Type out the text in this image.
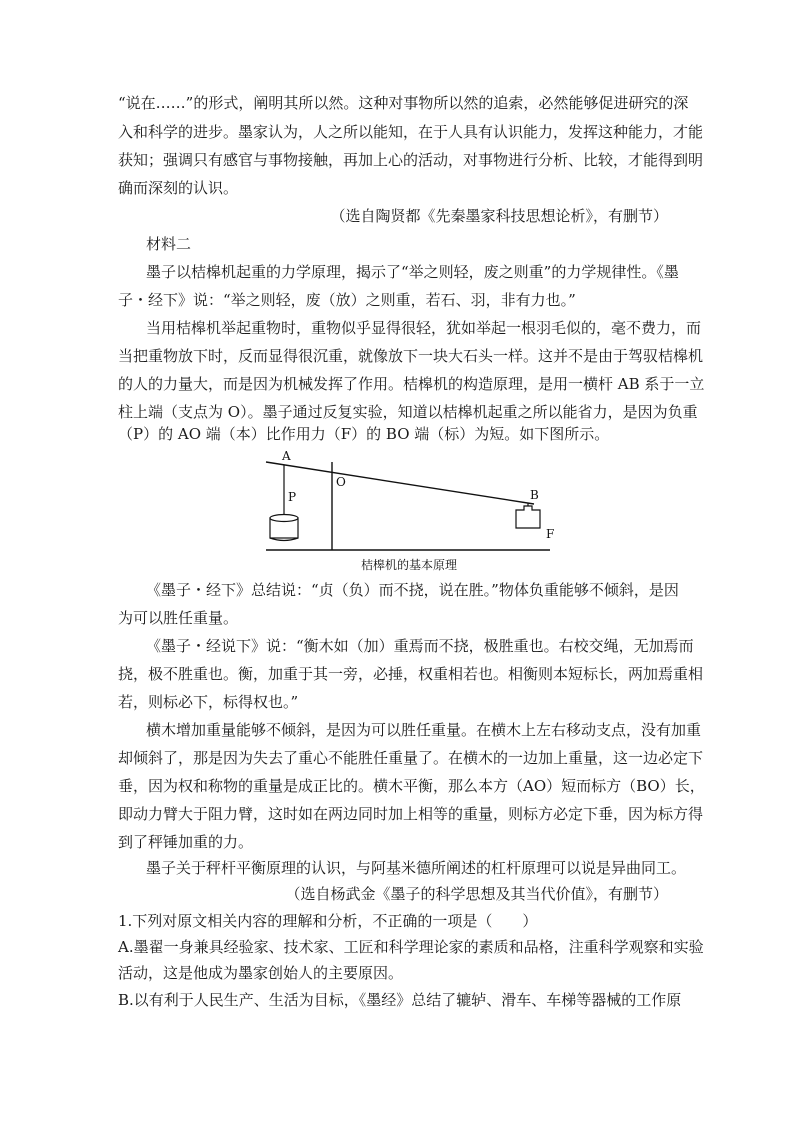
“说在……”的形式，阐明其所以然。这种对事物所以然的追索，必然能够促进研究的深
入和科学的进步。墨家认为，人之所以能知，在于人具有认识能力，发挥这种能力，才能
获知；强调只有感官与事物接触，再加上心的活动，对事物进行分析、比较，才能得到明
确而深刻的认识。
（选自陶贤都《先秦墨家科技思想论析》，有删节）
材料二
墨子以桔槔机起重的力学原理，揭示了“举之则轻，废之则重”的力学规律性。《墨
子・经下》说：“举之则轻，废（放）之则重，若石、羽，非有力也。”
当用桔槔机举起重物时，重物似乎显得很轻，犹如举起一根羽毛似的，毫不费力，而
当把重物放下时，反而显得很沉重，就像放下一块大石头一样。这并不是由于驾驭桔槔机
的人的力量大，而是因为机械发挥了作用。桔槔机的构造原理，是用一横杆 AB 系于一立
柱上端（支点为 O）。墨子通过反复实验，知道以桔槔机起重之所以能省力，是因为负重
（P）的 AO 端（本）比作用力（F）的 BO 端（标）为短。如下图所示。
A
O
P	B
F
桔槔机的基本原理
《墨子・经下》总结说：“贞（负）而不挠，说在胜。”物体负重能够不倾斜，是因
为可以胜任重量。
《墨子・经说下》说：“衡木如（加）重焉而不挠，极胜重也。右校交绳，无加焉而
挠，极不胜重也。衡，加重于其一旁，必捶，权重相若也。相衡则本短标长，两加焉重相
若，则标必下，标得权也。”
横木增加重量能够不倾斜，是因为可以胜任重量。在横木上左右移动支点，没有加重
却倾斜了，那是因为失去了重心不能胜任重量了。在横木的一边加上重量，这一边必定下
垂，因为权和称物的重量是成正比的。横木平衡，那么本方（AO）短而标方（BO）长，
即动力臂大于阻力臂，这时如在两边同时加上相等的重量，则标方必定下垂，因为标方得
到了秤锤加重的力。
墨子关于秤杆平衡原理的认识，与阿基米德所阐述的杠杆原理可以说是异曲同工。
（选自杨武金《墨子的科学思想及其当代价值》，有删节）
1.下列对原文相关内容的理解和分析，不正确的一项是（　　）
A.墨翟一身兼具经验家、技术家、工匠和科学理论家的素质和品格，注重科学观察和实验
活动，这是他成为墨家创始人的主要原因。
B.以有利于人民生产、生活为目标，《墨经》总结了辘轳、滑车、车梯等器械的工作原
